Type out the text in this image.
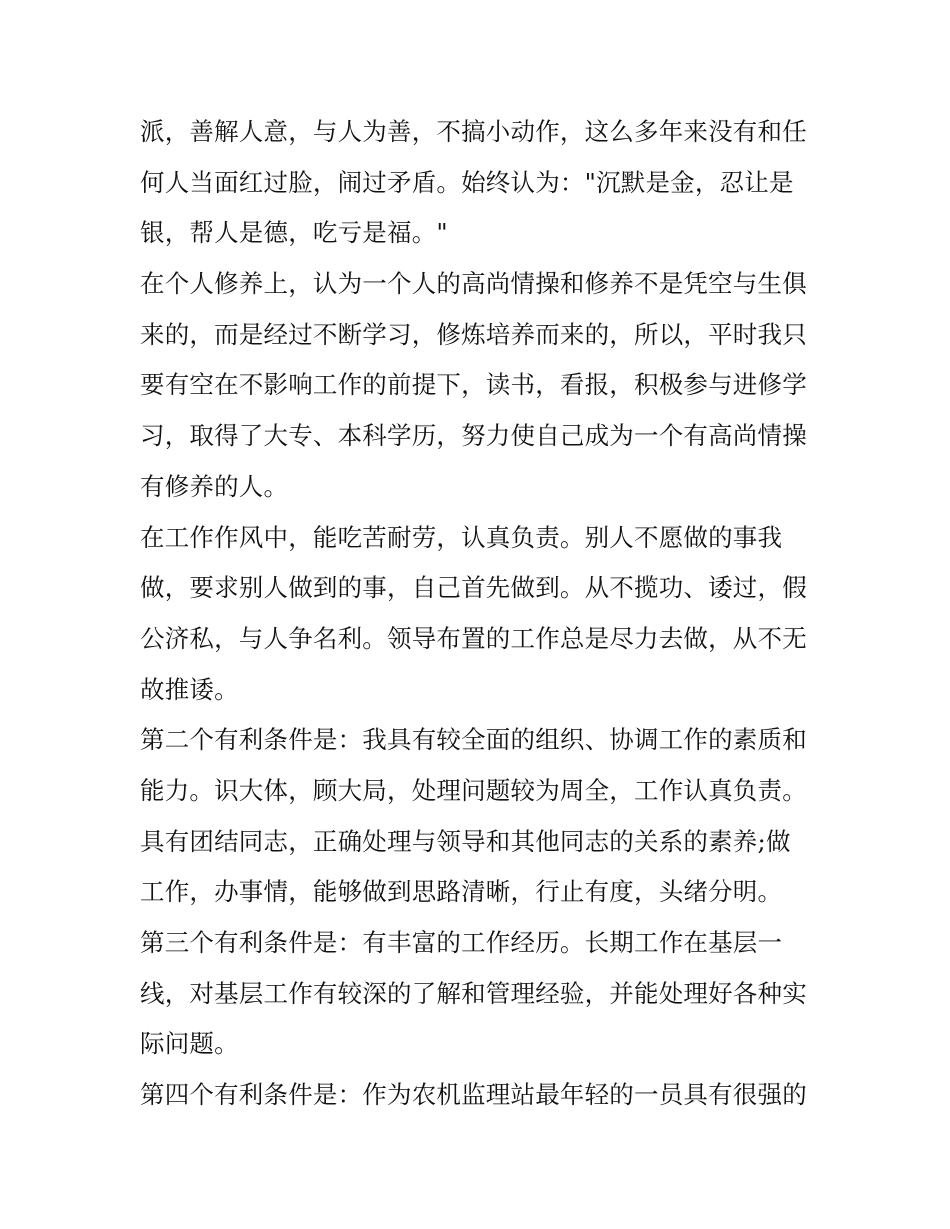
派，善解人意，与人为善，不搞小动作，这么多年来没有和任
何人当面红过脸，闹过矛盾。始终认为："沉默是金，忍让是
银，帮人是德，吃亏是福。"
在个人修养上，认为一个人的高尚情操和修养不是凭空与生俱
来的，而是经过不断学习，修炼培养而来的，所以，平时我只
要有空在不影响工作的前提下，读书，看报，积极参与进修学
习，取得了大专、本科学历，努力使自己成为一个有高尚情操
有修养的人。
在工作作风中，能吃苦耐劳，认真负责。别人不愿做的事我
做，要求别人做到的事，自己首先做到。从不揽功、诿过，假
公济私，与人争名利。领导布置的工作总是尽力去做，从不无
故推诿。
第二个有利条件是：我具有较全面的组织、协调工作的素质和
能力。识大体，顾大局，处理问题较为周全，工作认真负责。
具有团结同志，正确处理与领导和其他同志的关系的素养;做
工作，办事情，能够做到思路清晰，行止有度，头绪分明。
第三个有利条件是：有丰富的工作经历。长期工作在基层一
线，对基层工作有较深的了解和管理经验，并能处理好各种实
际问题。
第四个有利条件是：作为农机监理站最年轻的一员具有很强的
